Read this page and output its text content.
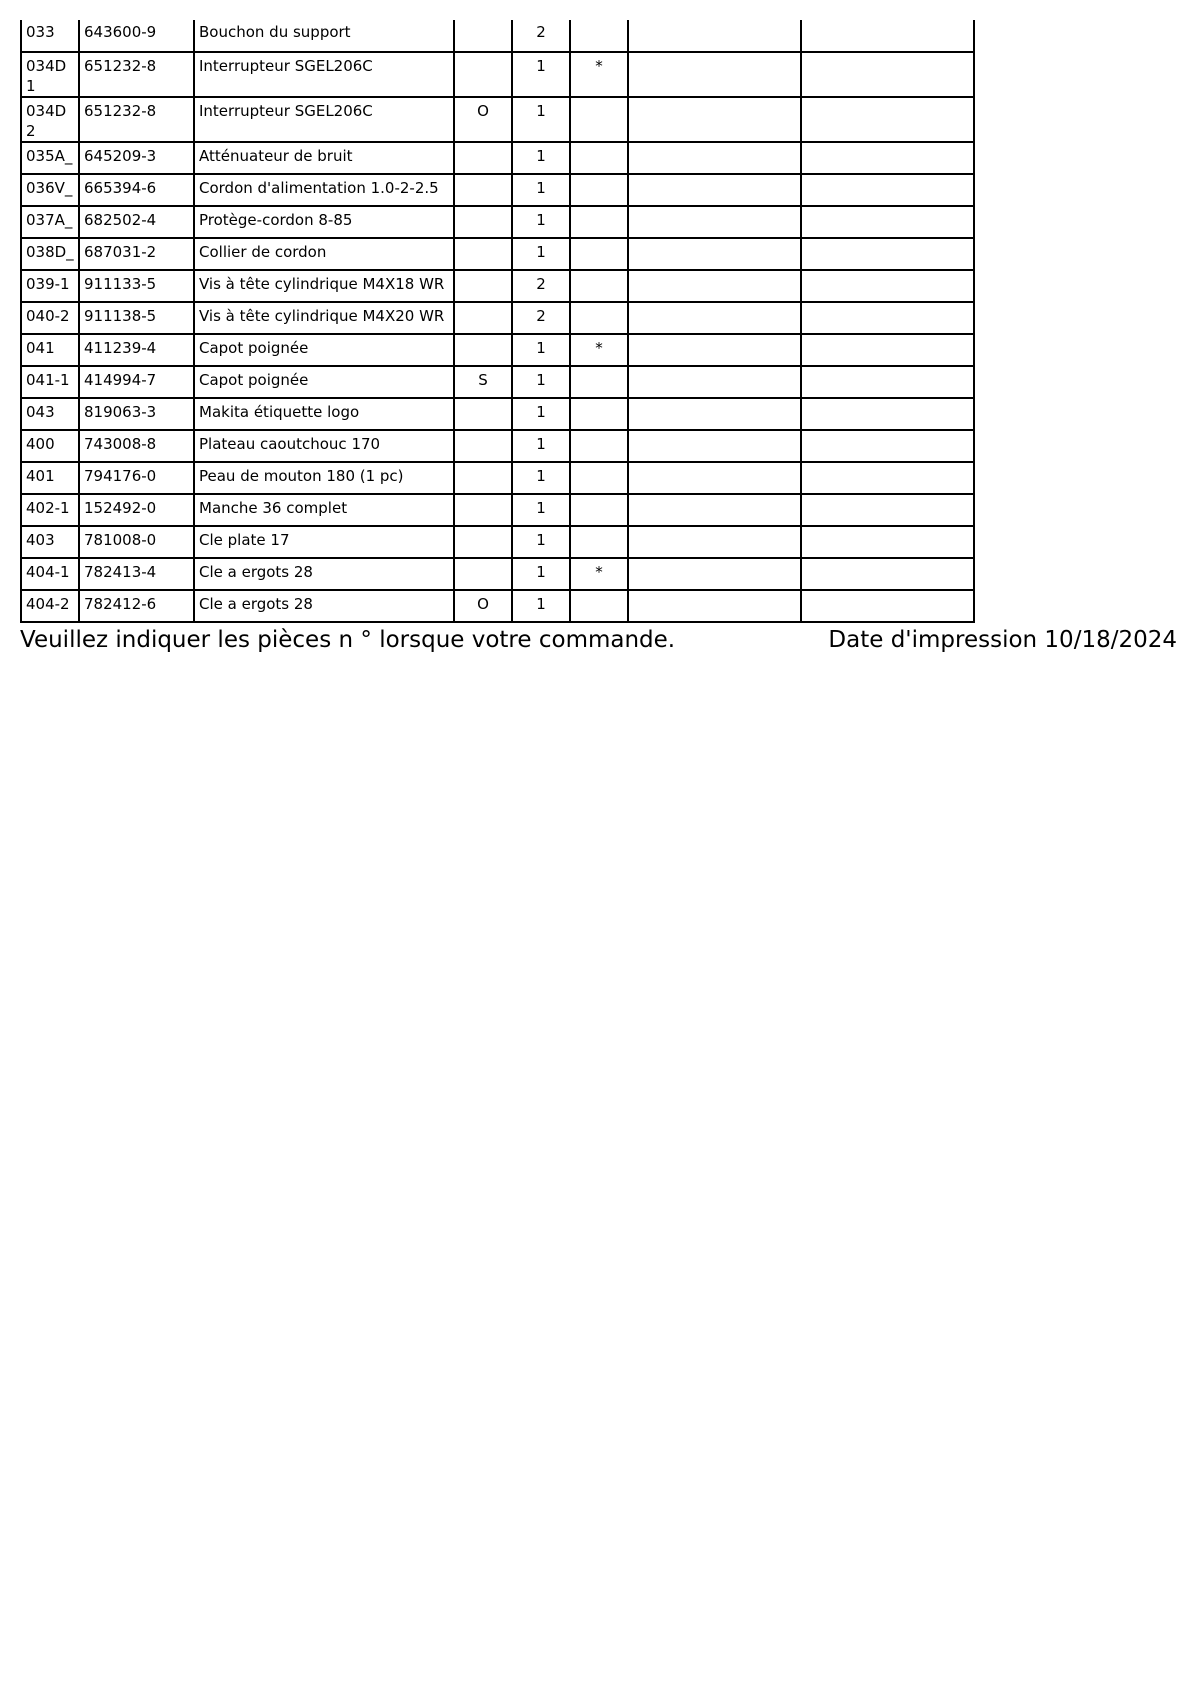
033	643600-9	Bouchon du support		2			
034D1	651232-8	Interrupteur SGEL206C		1	*		
034D2	651232-8	Interrupteur SGEL206C	O	1			
035A_	645209-3	Atténuateur de bruit		1			
036V_	665394-6	Cordon d'alimentation 1.0-2-2.5		1			
037A_	682502-4	Protège-cordon 8-85		1			
038D_	687031-2	Collier de cordon		1			
039-1	911133-5	Vis à tête cylindrique M4X18 WR		2			
040-2	911138-5	Vis à tête cylindrique M4X20 WR		2			
041	411239-4	Capot poignée		1	*		
041-1	414994-7	Capot poignée	S	1			
043	819063-3	Makita étiquette logo		1			
400	743008-8	Plateau caoutchouc 170		1			
401	794176-0	Peau de mouton 180 (1 pc)		1			
402-1	152492-0	Manche 36 complet		1			
403	781008-0	Cle plate 17		1			
404-1	782413-4	Cle a ergots 28		1	*		
404-2	782412-6	Cle a ergots 28	O	1			
Veuillez indiquer les pièces n ° lorsque votre commande.	Date d'impression 10/18/2024
